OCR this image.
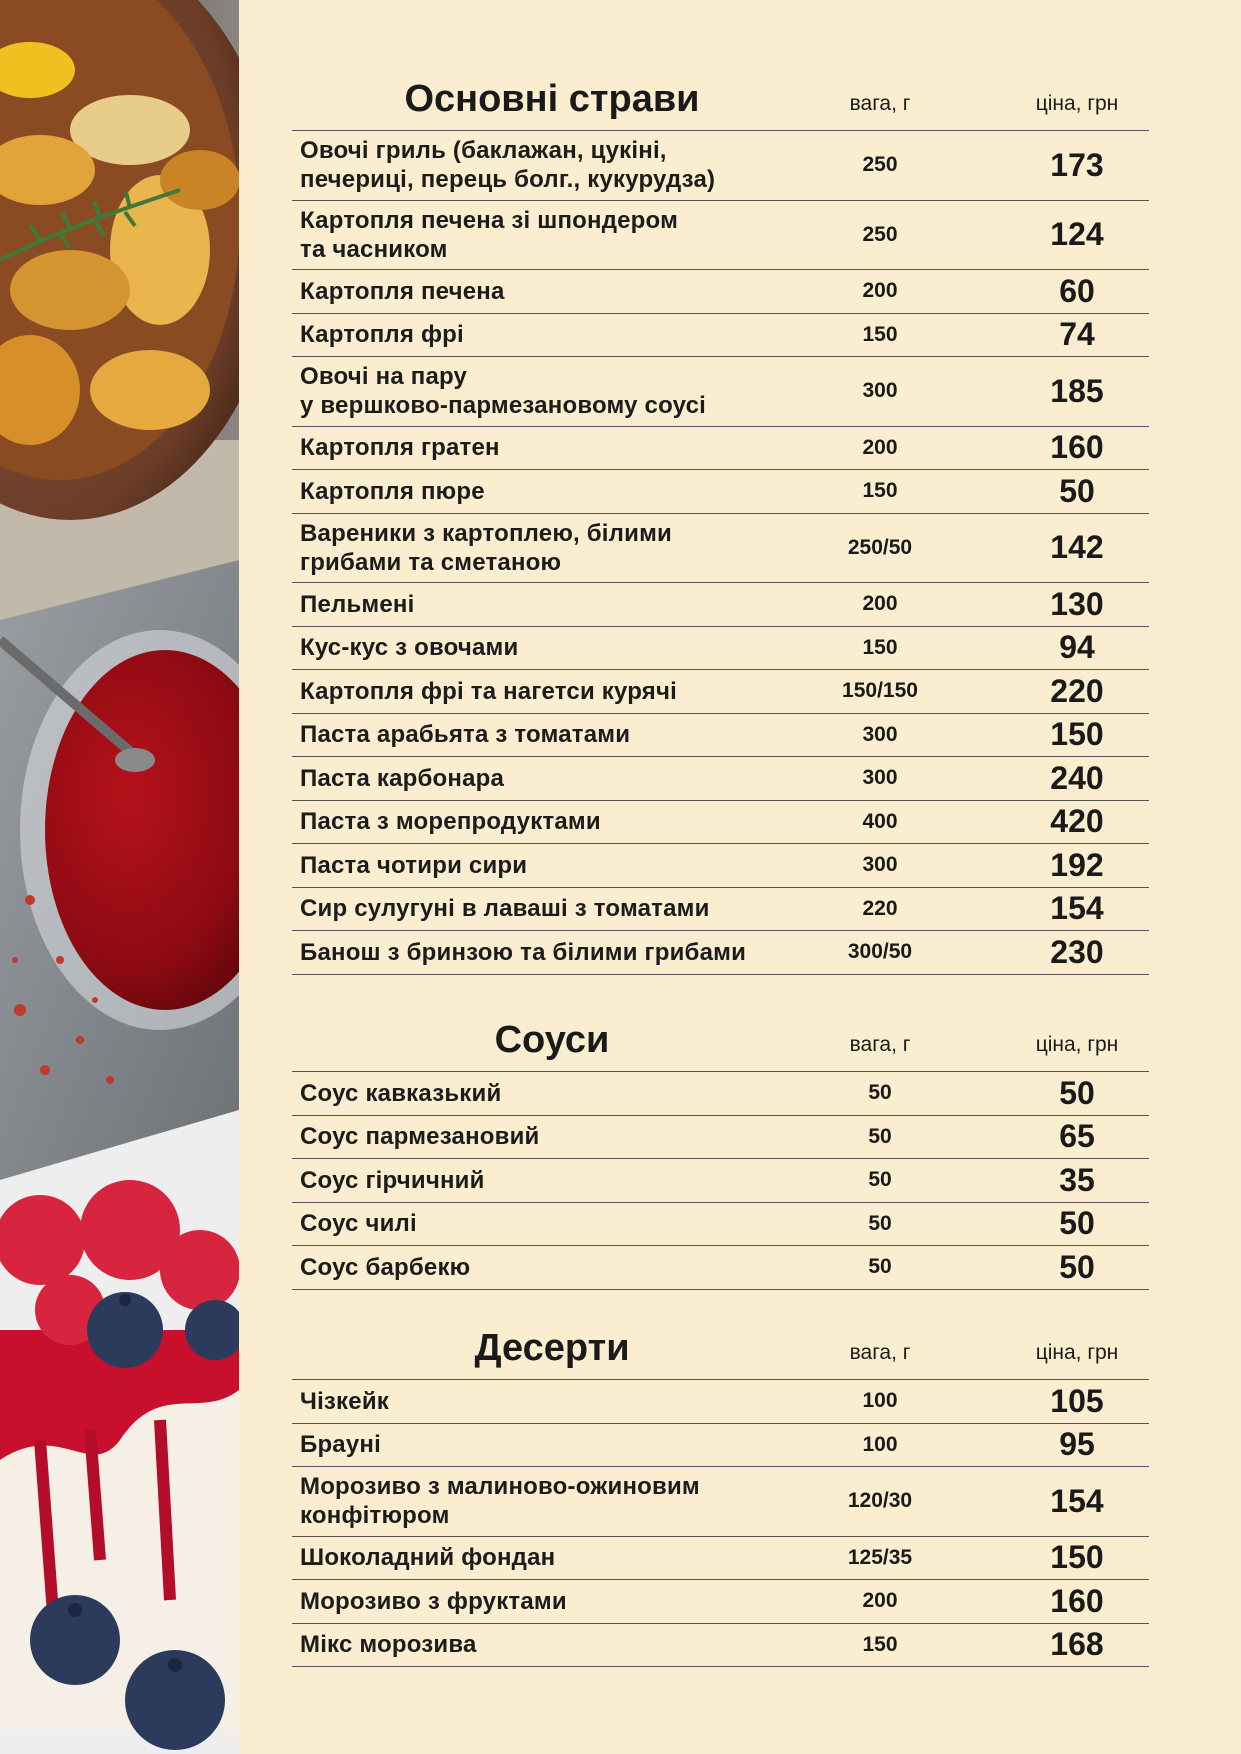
Основні страви	вага, г	ціна, грн
Овочі гриль (баклажан, цукіні,
печериці, перець болг., кукурудза)
250	173
Картопля печена зі шпондером
та часником
250	124
Картопля печена	200	60
Картопля фрі	150	74
Овочі на пару
у вершково-пармезановому соусі
300	185
Картопля гратен	200	160
Картопля пюре	150	50
Вареники з картоплею, білими
грибами та сметаною
250/50	142
Пельмені	200	130
Кус-кус з овочами	150	94
Картопля фрі та нагетси курячі	150/150	220
Паста арабьята з томатами	300	150
Паста карбонара	300	240
Паста з морепродуктами	400	420
Паста чотири сири	300	192
Сир сулугуні в лаваші з томатами	220	154
Банош з бринзою та білими грибами	300/50	230
Соуси	вага, г	ціна, грн
Соус кавказький	50	50
Соус пармезановий	50	65
Соус гірчичний	50	35
Соус чилі	50	50
Соус барбекю	50	50
Десерти	вага, г	ціна, грн
Чізкейк	100	105
Брауні	100	95
Морозиво з малиново-ожиновим
конфітюром
120/30	154
Шоколадний фондан	125/35	150
Морозиво з фруктами	200	160
Мікс морозива	150	168
